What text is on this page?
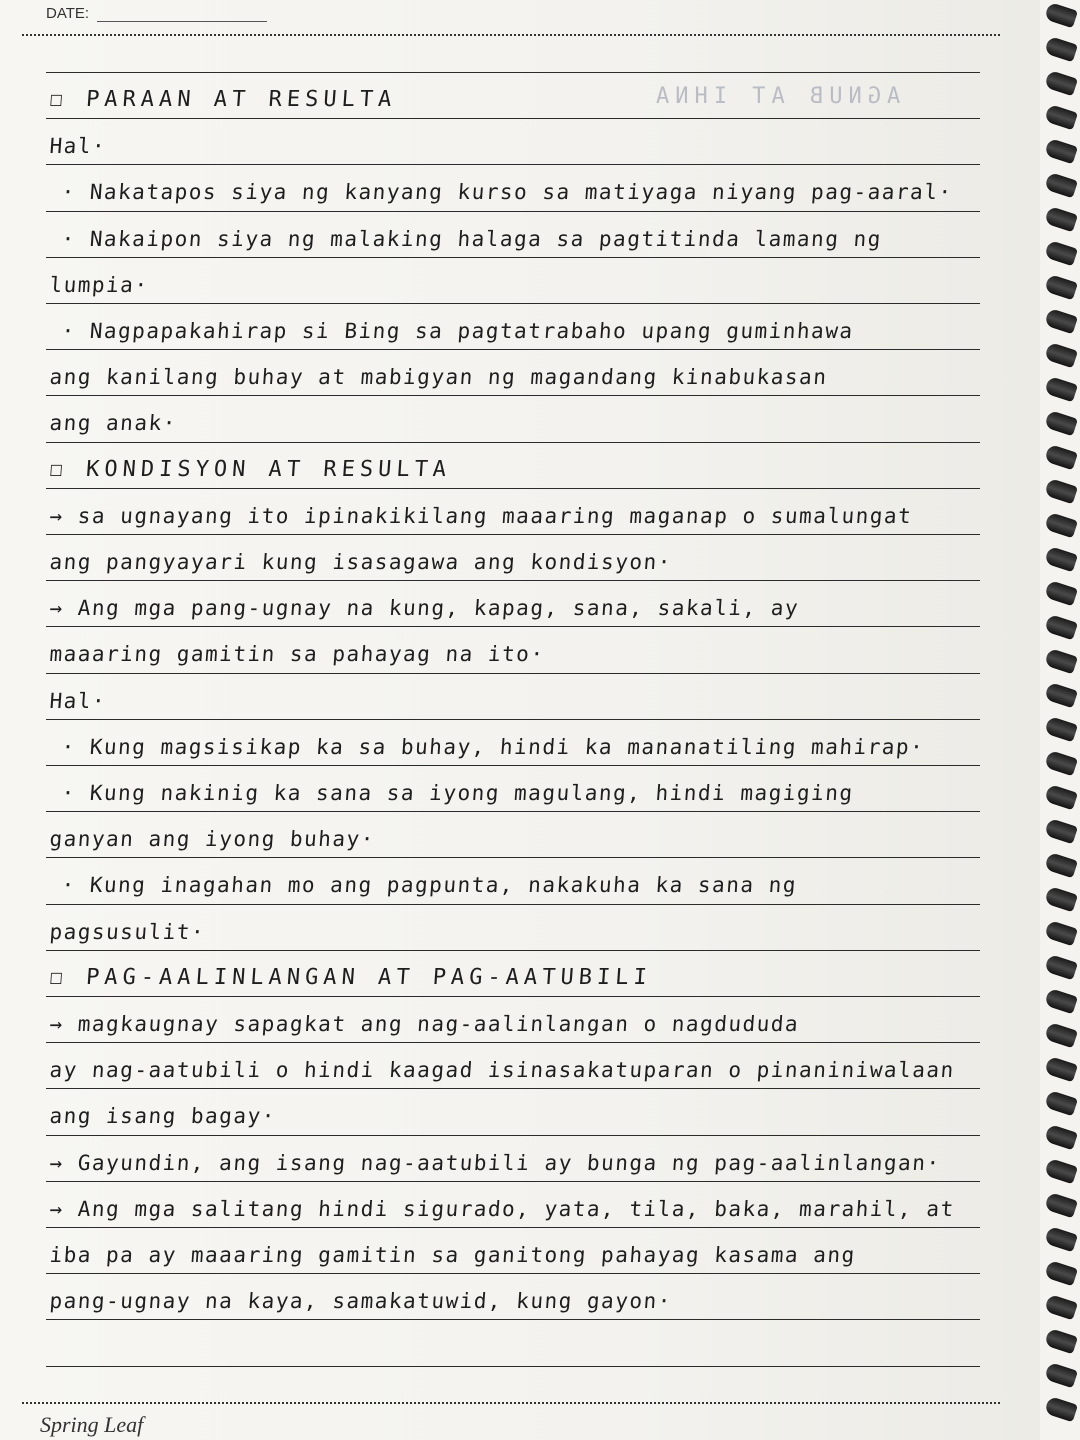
DATE:
AGNUB AT IHNA
☐ PARAAN AT RESULTA
Hal·
· Nakatapos siya ng kanyang kurso sa matiyaga niyang pag-aaral·
· Nakaipon siya ng malaking halaga sa pagtitinda lamang ng
lumpia·
· Nagpapakahirap si Bing sa pagtatrabaho upang guminhawa
ang kanilang buhay at mabigyan ng magandang kinabukasan
ang anak·
☐ KONDISYON AT RESULTA
→ sa ugnayang ito ipinakikilang maaaring maganap o sumalungat
ang pangyayari kung isasagawa ang kondisyon·
→ Ang mga pang-ugnay na kung, kapag, sana, sakali, ay
maaaring gamitin sa pahayag na ito·
Hal·
· Kung magsisikap ka sa buhay, hindi ka mananatiling mahirap·
· Kung nakinig ka sana sa iyong magulang, hindi magiging
ganyan ang iyong buhay·
· Kung inagahan mo ang pagpunta, nakakuha ka sana ng
pagsusulit·
☐ PAG-AALINLANGAN AT PAG-AATUBILI
→ magkaugnay sapagkat ang nag-aalinlangan o nagdududa
ay nag-aatubili o hindi kaagad isinasakatuparan o pinaniniwalaan
ang isang bagay·
→ Gayundin, ang isang nag-aatubili ay bunga ng pag-aalinlangan·
→ Ang mga salitang hindi sigurado, yata, tila, baka, marahil, at
iba pa ay maaaring gamitin sa ganitong pahayag kasama ang
pang-ugnay na kaya, samakatuwid, kung gayon·
Spring Leaf
